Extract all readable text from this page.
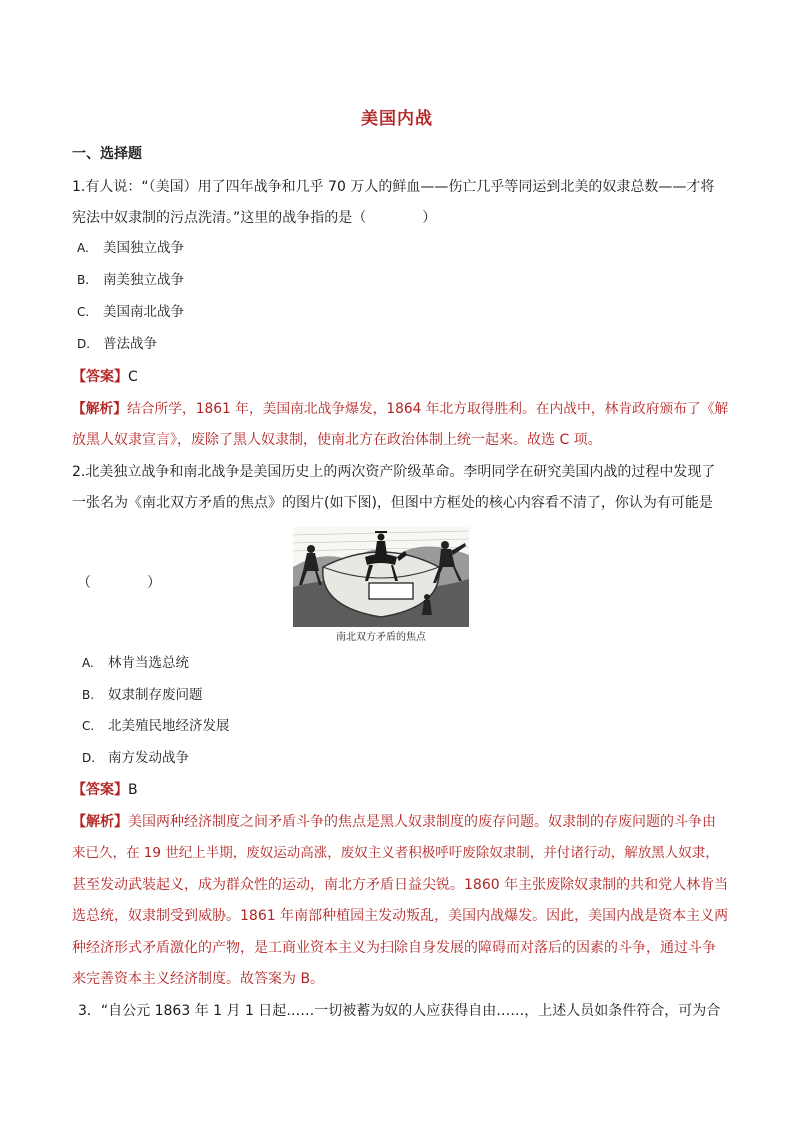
美国内战
一、选择题
1.有人说：“（美国）用了四年战争和几乎 70 万人的鲜血——伤亡几乎等同运到北美的奴隶总数——才将
宪法中奴隶制的污点洗清。”这里的战争指的是（　　　　）
A. 美国独立战争
B. 南美独立战争
C. 美国南北战争
D. 普法战争
【答案】C
【解析】结合所学，1861 年，美国南北战争爆发，1864 年北方取得胜利。在内战中，林肯政府颁布了《解
放黑人奴隶宣言》，废除了黑人奴隶制，使南北方在政治体制上统一起来。故选 C 项。
2.北美独立战争和南北战争是美国历史上的两次资产阶级革命。李明同学在研究美国内战的过程中发现了
一张名为《南北双方矛盾的焦点》的图片(如下图)，但图中方框处的核心内容看不清了，你认为有可能是
（　　　　）
南北双方矛盾的焦点
A. 林肯当选总统
B. 奴隶制存废问题
C. 北美殖民地经济发展
D. 南方发动战争
【答案】B
【解析】美国两种经济制度之间矛盾斗争的焦点是黑人奴隶制度的废存问题。奴隶制的存废问题的斗争由
来已久，在 19 世纪上半期，废奴运动高涨，废奴主义者积极呼吁废除奴隶制，并付诸行动，解放黑人奴隶，
甚至发动武装起义，成为群众性的运动，南北方矛盾日益尖锐。1860 年主张废除奴隶制的共和党人林肯当
选总统，奴隶制受到威胁。1861 年南部种植园主发动叛乱，美国内战爆发。因此，美国内战是资本主义两
种经济形式矛盾激化的产物，是工商业资本主义为扫除自身发展的障碍而对落后的因素的斗争，通过斗争
来完善资本主义经济制度。故答案为 B。
3．“自公元 1863 年 1 月 1 日起……一切被蓄为奴的人应获得自由……，上述人员如条件符合，可为合
